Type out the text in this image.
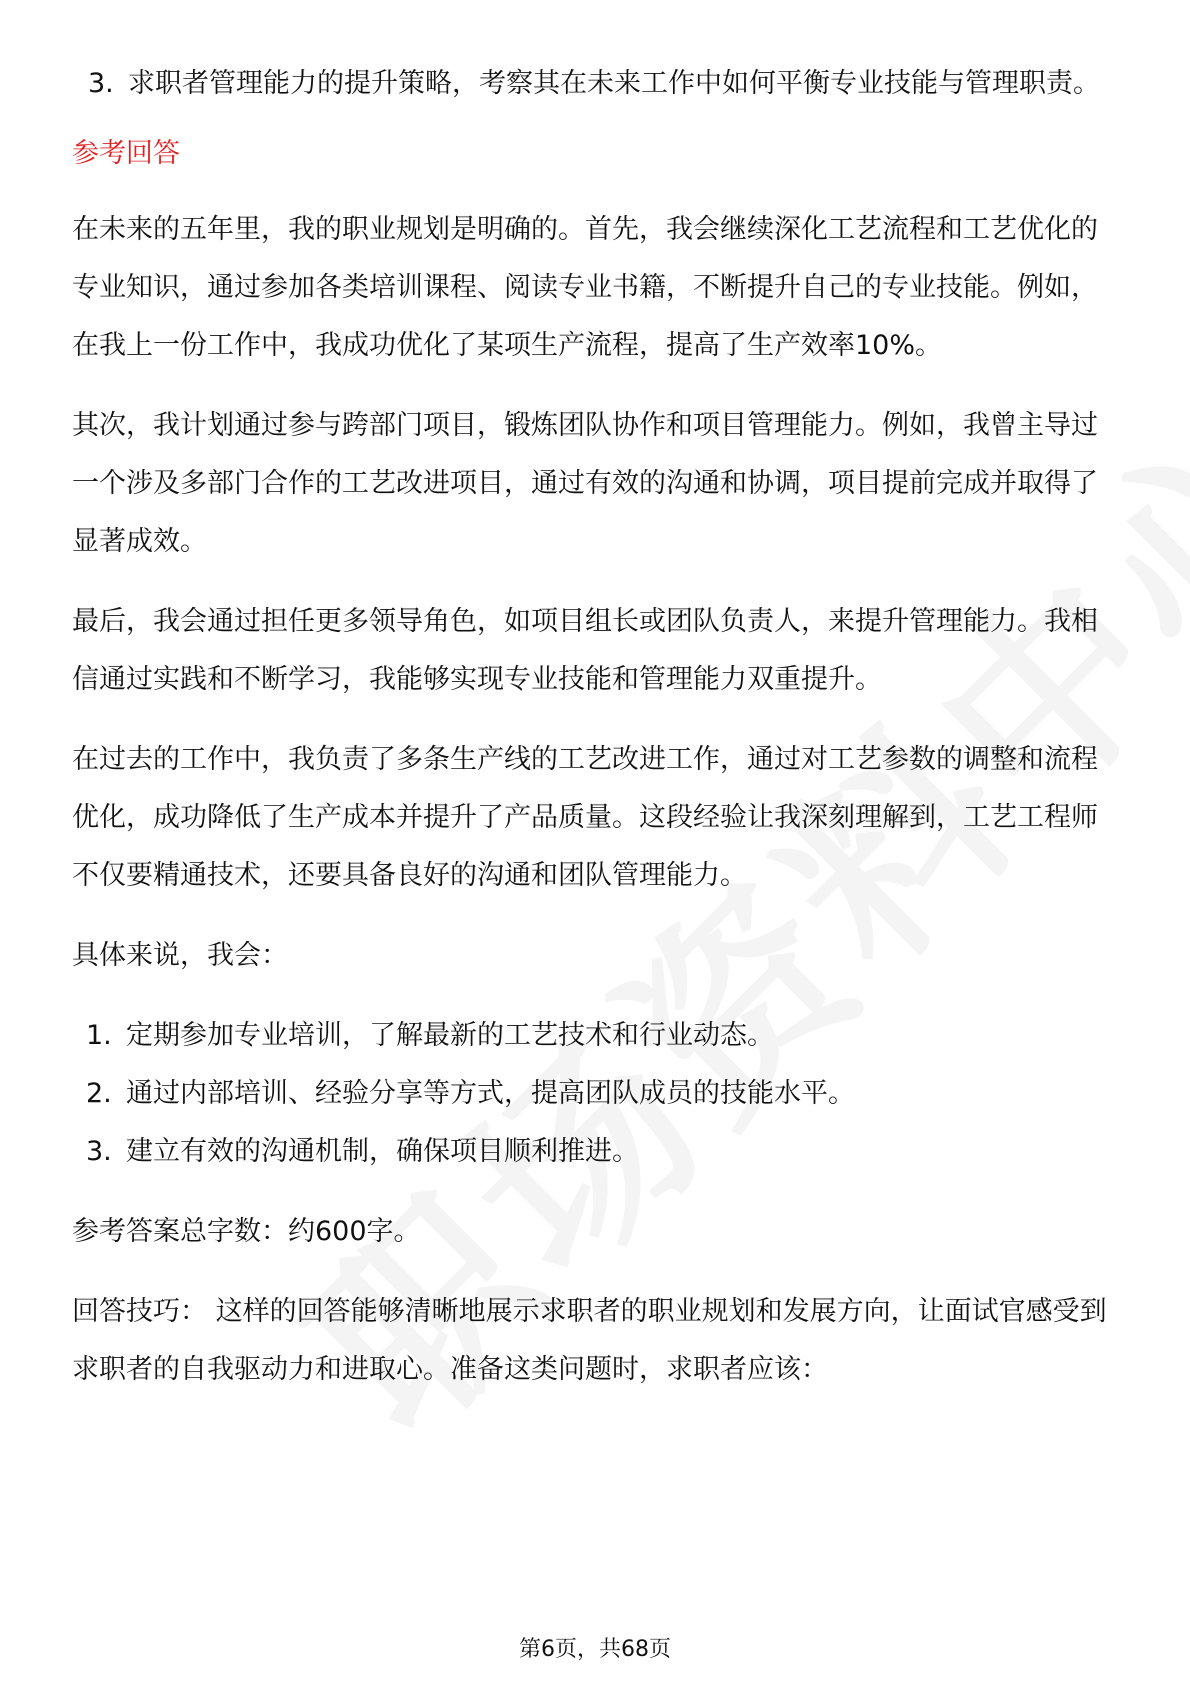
3. 求职者管理能力的提升策略，考察其在未来工作中如何平衡专业技能与管理职责。
参考回答

在未来的五年里，我的职业规划是明确的。首先，我会继续深化工艺流程和工艺优化的专业知识，通过参加各类培训课程、阅读专业书籍，不断提升自己的专业技能。例如，在我上一份工作中，我成功优化了某项生产流程，提高了生产效率10%。

其次，我计划通过参与跨部门项目，锻炼团队协作和项目管理能力。例如，我曾主导过一个涉及多部门合作的工艺改进项目，通过有效的沟通和协调，项目提前完成并取得了显著成效。

最后，我会通过担任更多领导角色，如项目组长或团队负责人，来提升管理能力。我相信通过实践和不断学习，我能够实现专业技能和管理能力双重提升。

在过去的工作中，我负责了多条生产线的工艺改进工作，通过对工艺参数的调整和流程优化，成功降低了生产成本并提升了产品质量。这段经验让我深刻理解到，工艺工程师不仅要精通技术，还要具备良好的沟通和团队管理能力。

具体来说，我会：

1. 定期参加专业培训，了解最新的工艺技术和行业动态。
2. 通过内部培训、经验分享等方式，提高团队成员的技能水平。
3. 建立有效的沟通机制，确保项目顺利推进。

参考答案总字数：约600字。

回答技巧： 这样的回答能够清晰地展示求职者的职业规划和发展方向，让面试官感受到求职者的自我驱动力和进取心。准备这类问题时，求职者应该：

第6页，共68页
